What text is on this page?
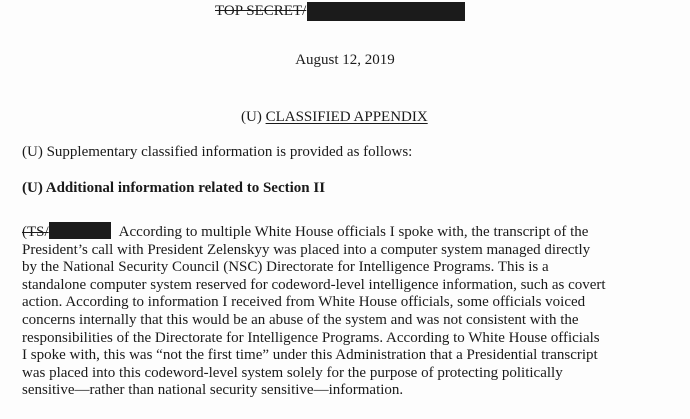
TOP SECRET/
August 12, 2019
(U) CLASSIFIED APPENDIX
(U) Supplementary classified information is provided as follows:
(U) Additional information related to Section II
(TS/	According to multiple White House officials I spoke with, the transcript of the
President’s call with President Zelenskyy was placed into a computer system managed directly
by the National Security Council (NSC) Directorate for Intelligence Programs. This is a
standalone computer system reserved for codeword-level intelligence information, such as covert
action. According to information I received from White House officials, some officials voiced
concerns internally that this would be an abuse of the system and was not consistent with the
responsibilities of the Directorate for Intelligence Programs. According to White House officials
I spoke with, this was “not the first time” under this Administration that a Presidential transcript
was placed into this codeword-level system solely for the purpose of protecting politically
sensitive—rather than national security sensitive—information.
